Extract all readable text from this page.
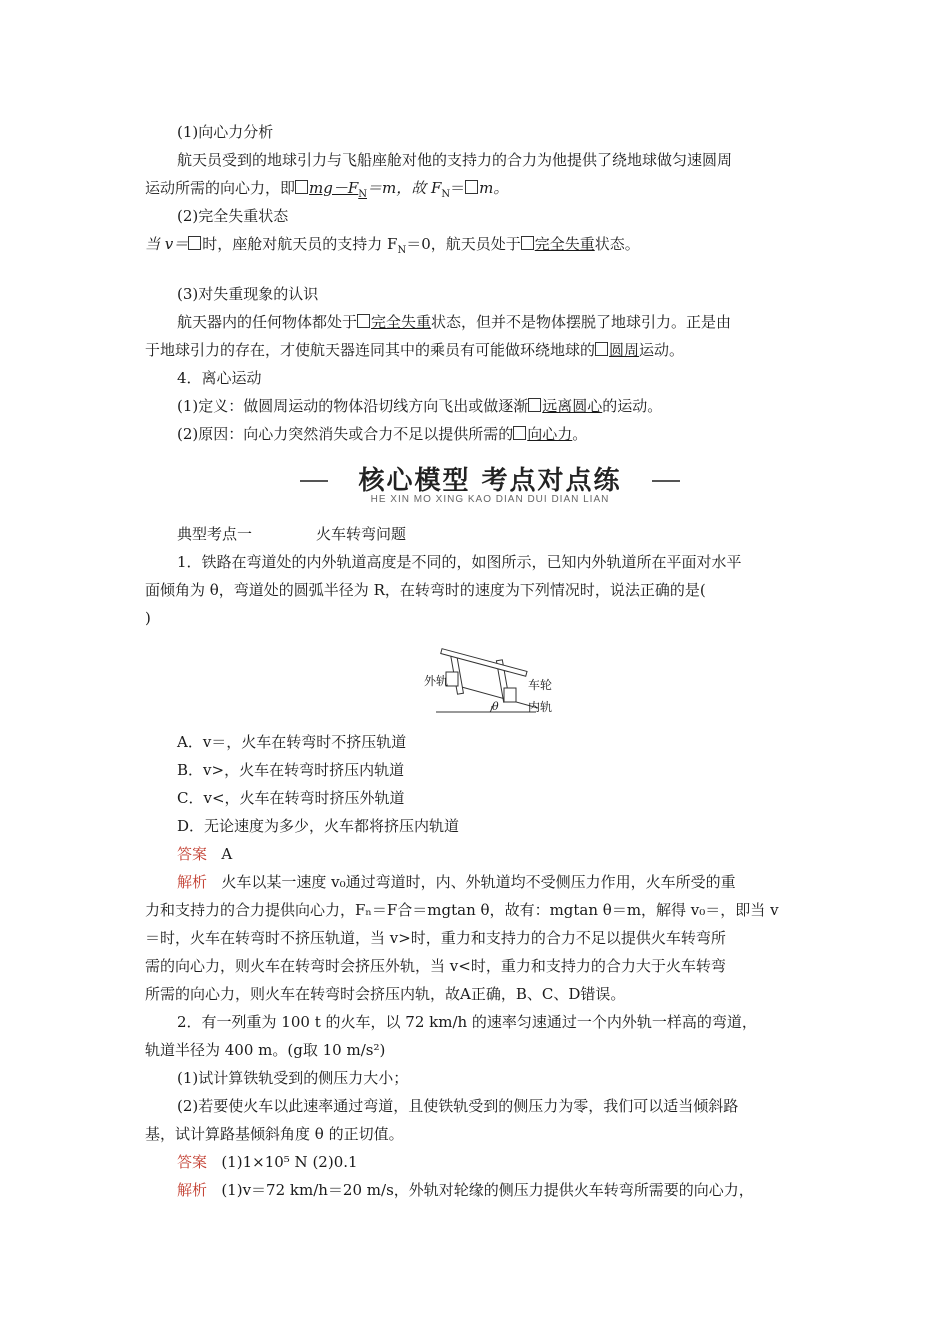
(1)向心力分析
航天员受到的地球引力与飞船座舱对他的支持力的合力为他提供了绕地球做匀速圆周
运动所需的向心力，即 $mg-F_N=m$，故 $F_N= m$。
(2)完全失重状态
当 v＝ 时，座舱对航天员的支持力 $F_N=0$，航天员处于 完全失重状态。
(3)对失重现象的认识
航天器内的任何物体都处于 完全失重状态，但并不是物体摆脱了地球引力。正是由
于地球引力的存在，才使航天器连同其中的乘员有可能做环绕地球的 圆周运动。
4．离心运动
(1)定义：做圆周运动的物体沿切线方向飞出或做逐渐 远离圆心的运动。
(2)原因：向心力突然消失或合力不足以提供所需的 向心力。
核心模型 考点对点练
HE XIN MO XING KAO DIAN DUI DIAN LIAN
典型考点一	火车转弯问题
1．铁路在弯道处的内外轨道高度是不同的，如图所示，已知内外轨道所在平面对水平
面倾角为 θ，弯道处的圆弧半径为 R，在转弯时的速度为下列情况时，说法正确的是(
)
外轨	车轮
内轨
θ
A．v＝，火车在转弯时不挤压轨道
B．v>，火车在转弯时挤压内轨道
C．v<，火车在转弯时挤压外轨道
D．无论速度为多少，火车都将挤压内轨道
答案 A
解析 火车以某一速度 v₀通过弯道时，内、外轨道均不受侧压力作用，火车所受的重
力和支持力的合力提供向心力，Fₙ＝F合＝mgtan θ，故有：mgtan θ＝m，解得 v₀＝，即当 v
＝时，火车在转弯时不挤压轨道，当 v>时，重力和支持力的合力不足以提供火车转弯所
需的向心力，则火车在转弯时会挤压外轨，当 v<时，重力和支持力的合力大于火车转弯
所需的向心力，则火车在转弯时会挤压内轨，故A正确，B、C、D错误。
2．有一列重为 100 t 的火车，以 72 km/h 的速率匀速通过一个内外轨一样高的弯道，
轨道半径为 400 m。(g取 10 m/s²)
(1)试计算铁轨受到的侧压力大小；
(2)若要使火车以此速率通过弯道，且使铁轨受到的侧压力为零，我们可以适当倾斜路
基，试计算路基倾斜角度 θ 的正切值。
答案 (1)1×10⁵ N (2)0.1
解析 (1)v＝72 km/h＝20 m/s，外轨对轮缘的侧压力提供火车转弯所需要的向心力，
